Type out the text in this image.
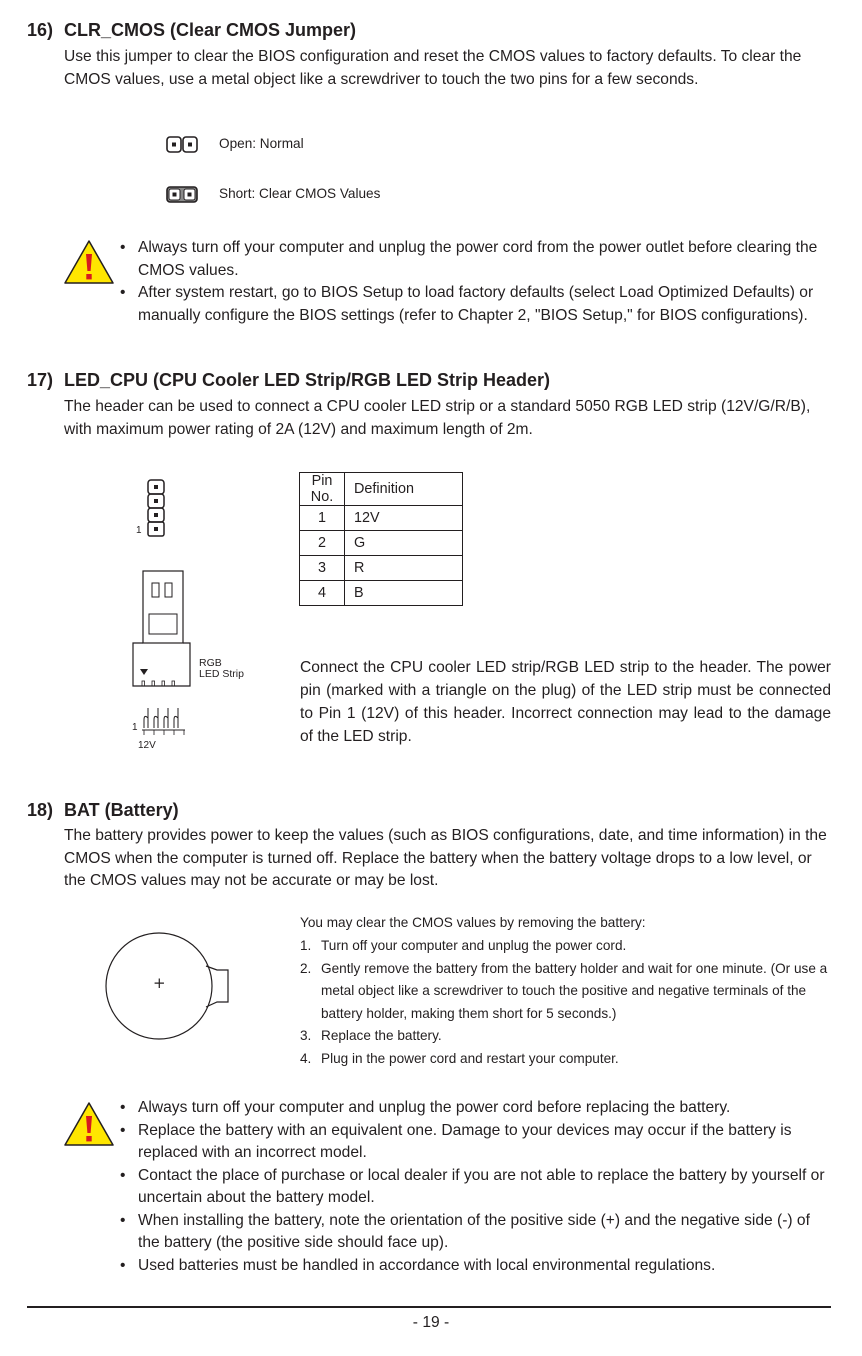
16) CLR_CMOS (Clear CMOS Jumper)
Use this jumper to clear the BIOS configuration and reset the CMOS values to factory defaults. To clear the CMOS values, use a metal object like a screwdriver to touch the two pins for a few seconds.
Open: Normal
Short: Clear CMOS Values
• Always turn off your computer and unplug the power cord from the power outlet before clearing the CMOS values.
• After system restart, go to BIOS Setup to load factory defaults (select Load Optimized Defaults) or manually configure the BIOS settings (refer to Chapter 2, "BIOS Setup," for BIOS configurations).
17) LED_CPU (CPU Cooler LED Strip/RGB LED Strip Header)
The header can be used to connect a CPU cooler LED strip or a standard 5050 RGB LED strip (12V/G/R/B), with maximum power rating of 2A (12V) and maximum length of 2m.
1
RGB
LED Strip
1
12V
Pin No.	Definition
1	12V
2	G
3	R
4	B
Connect the CPU cooler LED strip/RGB LED strip to the header. The power pin (marked with a triangle on the plug) of the LED strip must be connected to Pin 1 (12V) of this header. Incorrect connection may lead to the damage of the LED strip.
18) BAT (Battery)
The battery provides power to keep the values (such as BIOS configurations, date, and time information) in the CMOS when the computer is turned off. Replace the battery when the battery voltage drops to a low level, or the CMOS values may not be accurate or may be lost.
+
You may clear the CMOS values by removing the battery:
1. Turn off your computer and unplug the power cord.
2. Gently remove the battery from the battery holder and wait for one minute. (Or use a metal object like a screwdriver to touch the positive and negative terminals of the battery holder, making them short for 5 seconds.)
3. Replace the battery.
4. Plug in the power cord and restart your computer.
• Always turn off your computer and unplug the power cord before replacing the battery.
• Replace the battery with an equivalent one. Damage to your devices may occur if the battery is replaced with an incorrect model.
• Contact the place of purchase or local dealer if you are not able to replace the battery by yourself or uncertain about the battery model.
• When installing the battery, note the orientation of the positive side (+) and the negative side (-) of the battery (the positive side should face up).
• Used batteries must be handled in accordance with local environmental regulations.
- 19 -
